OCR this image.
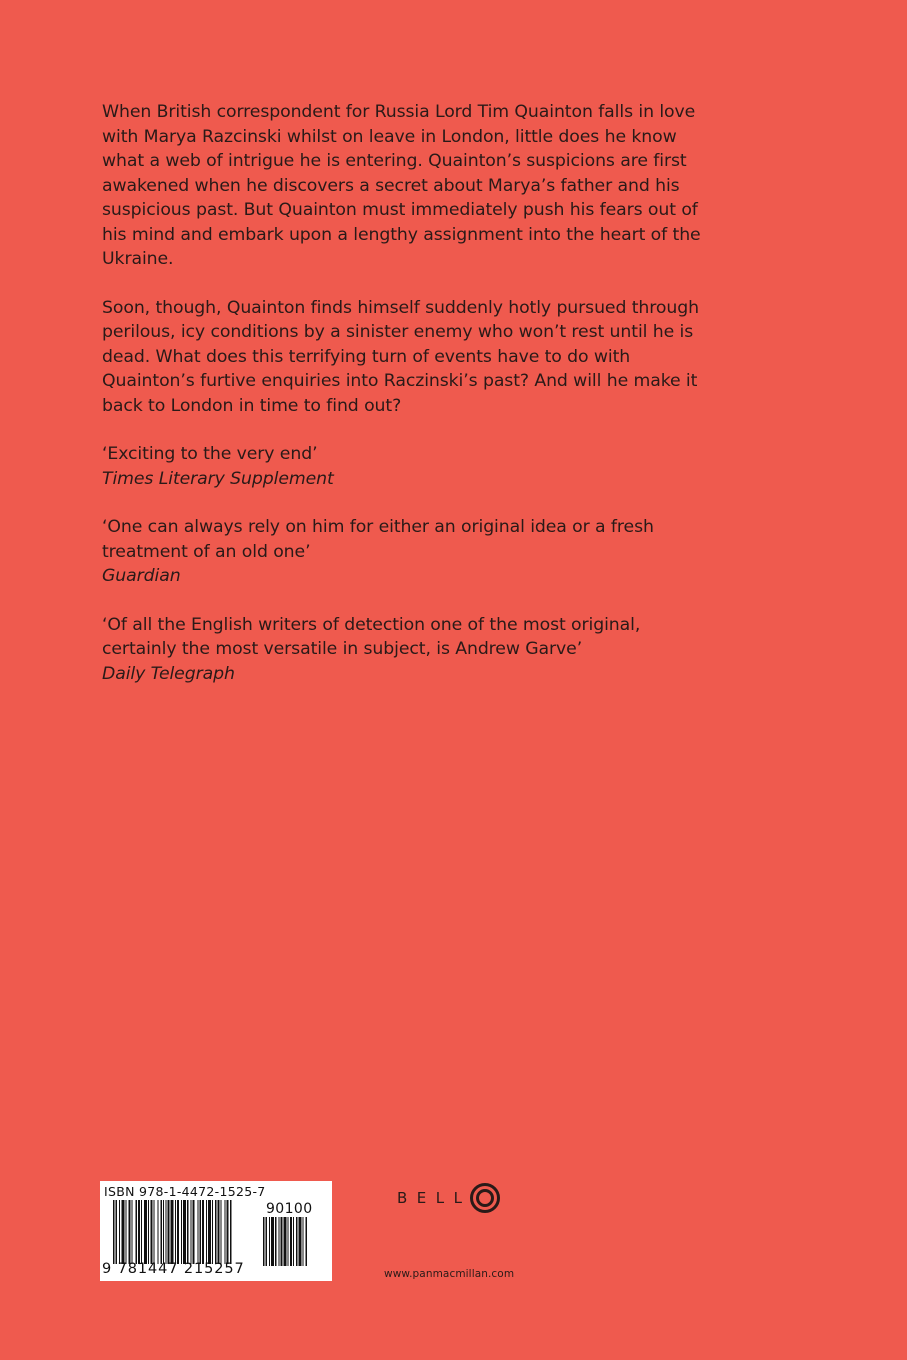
When British correspondent for Russia Lord Tim Quainton falls in love with Marya Razcinski whilst on leave in London, little does he know what a web of intrigue he is entering. Quainton’s suspicions are first awakened when he discovers a secret about Marya’s father and his suspicious past. But Quainton must immediately push his fears out of his mind and embark upon a lengthy assignment into the heart of the Ukraine.

Soon, though, Quainton finds himself suddenly hotly pursued through perilous, icy conditions by a sinister enemy who won’t rest until he is dead. What does this terrifying turn of events have to do with Quainton’s furtive enquiries into Raczinski’s past? And will he make it back to London in time to find out?

‘Exciting to the very end’
Times Literary Supplement
‘One can always rely on him for either an original idea or a fresh treatment of an old one’
Guardian
‘Of all the English writers of detection one of the most original, certainly the most versatile in subject, is Andrew Garve’
Daily Telegraph
ISBN 978-1-4472-1525-7
90100
9 781447 215257
BELL
www.panmacmillan.com
